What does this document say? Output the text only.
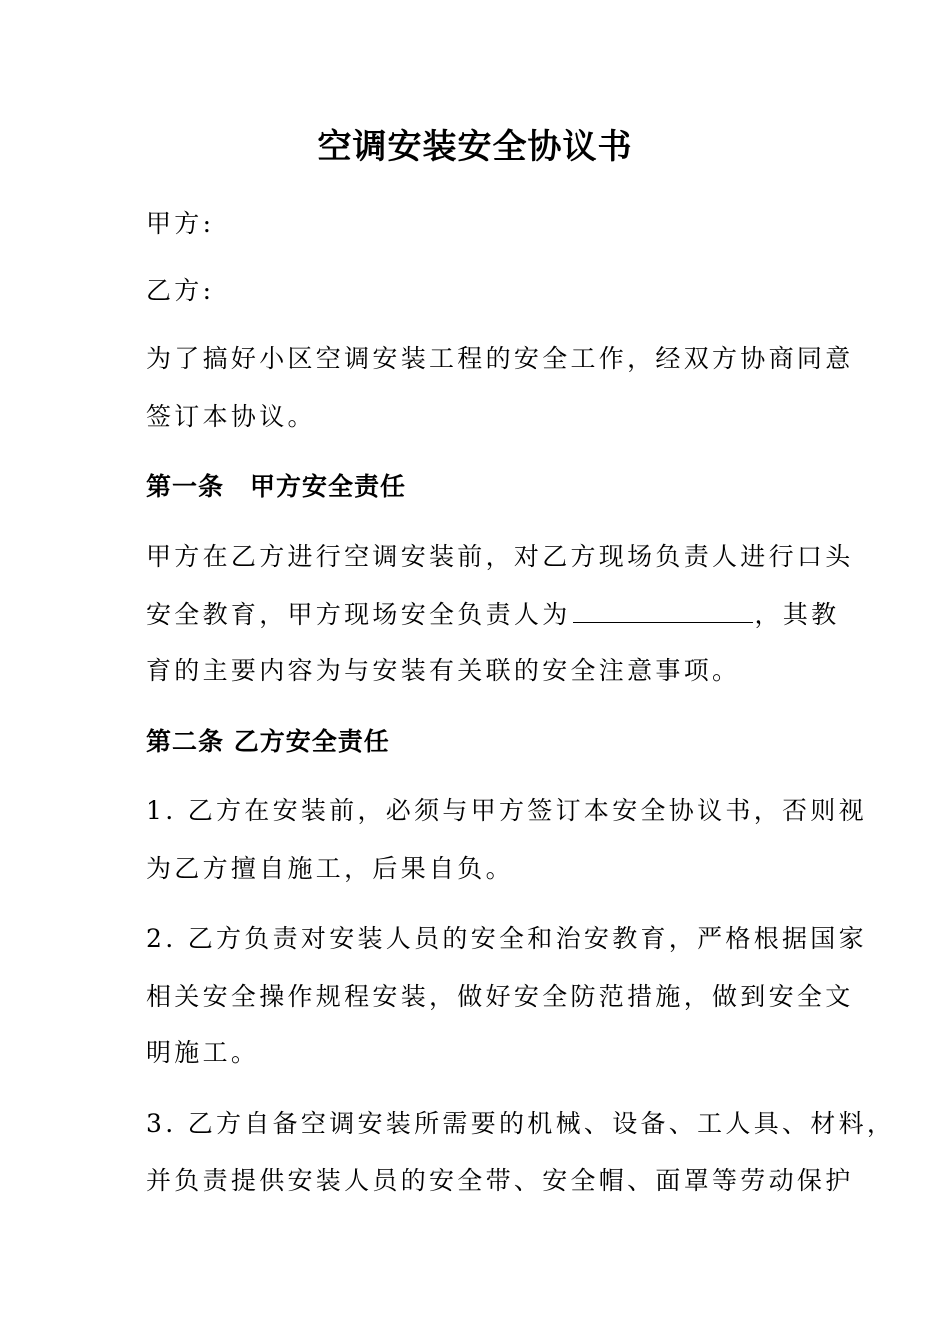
空调安装安全协议书
甲方:
乙方:
为了搞好小区空调安装工程的安全工作，经双方协商同意
签订本协议。
第一条　甲方安全责任
甲方在乙方进行空调安装前，对乙方现场负责人进行口头
安全教育，甲方现场安全负责人为	，其教
育的主要内容为与安装有关联的安全注意事项。
第二条 乙方安全责任
1. 乙方在安装前，必须与甲方签订本安全协议书，否则视
为乙方擅自施工，后果自负。
2. 乙方负责对安装人员的安全和治安教育，严格根据国家
相关安全操作规程安装，做好安全防范措施，做到安全文
明施工。
3. 乙方自备空调安装所需要的机械、设备、工人具、材料，
并负责提供安装人员的安全带、安全帽、面罩等劳动保护
